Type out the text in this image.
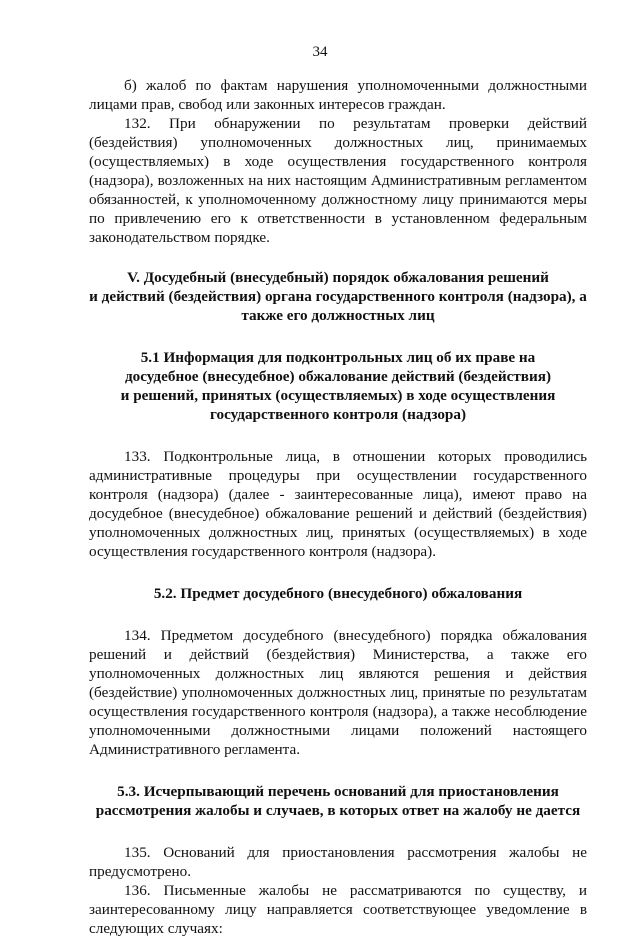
34

б) жалоб по фактам нарушения уполномоченными должностными лицами прав, свобод или законных интересов граждан.

132. При обнаружении по результатам проверки действий (бездействия) уполномоченных должностных лиц, принимаемых (осуществляемых) в ходе осуществления государственного контроля (надзора), возложенных на них настоящим Административным регламентом обязанностей, к уполномоченному должностному лицу принимаются меры по привлечению его к ответственности в установленном федеральным законодательством порядке.

V. Досудебный (внесудебный) порядок обжалования решений
и действий (бездействия) органа государственного контроля (надзора), а
также его должностных лиц
5.1 Информация для подконтрольных лиц об их праве на
досудебное (внесудебное) обжалование действий (бездействия)
и решений, принятых (осуществляемых) в ходе осуществления
государственного контроля (надзора)

133. Подконтрольные лица, в отношении которых проводились административные процедуры при осуществлении государственного контроля (надзора) (далее - заинтересованные лица), имеют право на досудебное (внесудебное) обжалование решений и действий (бездействия) уполномоченных должностных лиц, принятых (осуществляемых) в ходе осуществления государственного контроля (надзора).

5.2. Предмет досудебного (внесудебного) обжалования

134. Предметом досудебного (внесудебного) порядка обжалования решений и действий (бездействия) Министерства, а также его уполномоченных должностных лиц являются решения и действия (бездействие) уполномоченных должностных лиц, принятые по результатам осуществления государственного контроля (надзора), а также несоблюдение уполномоченными должностными лицами положений настоящего Административного регламента.

5.3. Исчерпывающий перечень оснований для приостановления
рассмотрения жалобы и случаев, в которых ответ на жалобу не дается

135. Оснований для приостановления рассмотрения жалобы не предусмотрено.

136. Письменные жалобы не рассматриваются по существу, и заинтересованному лицу направляется соответствующее уведомление в следующих случаях:
